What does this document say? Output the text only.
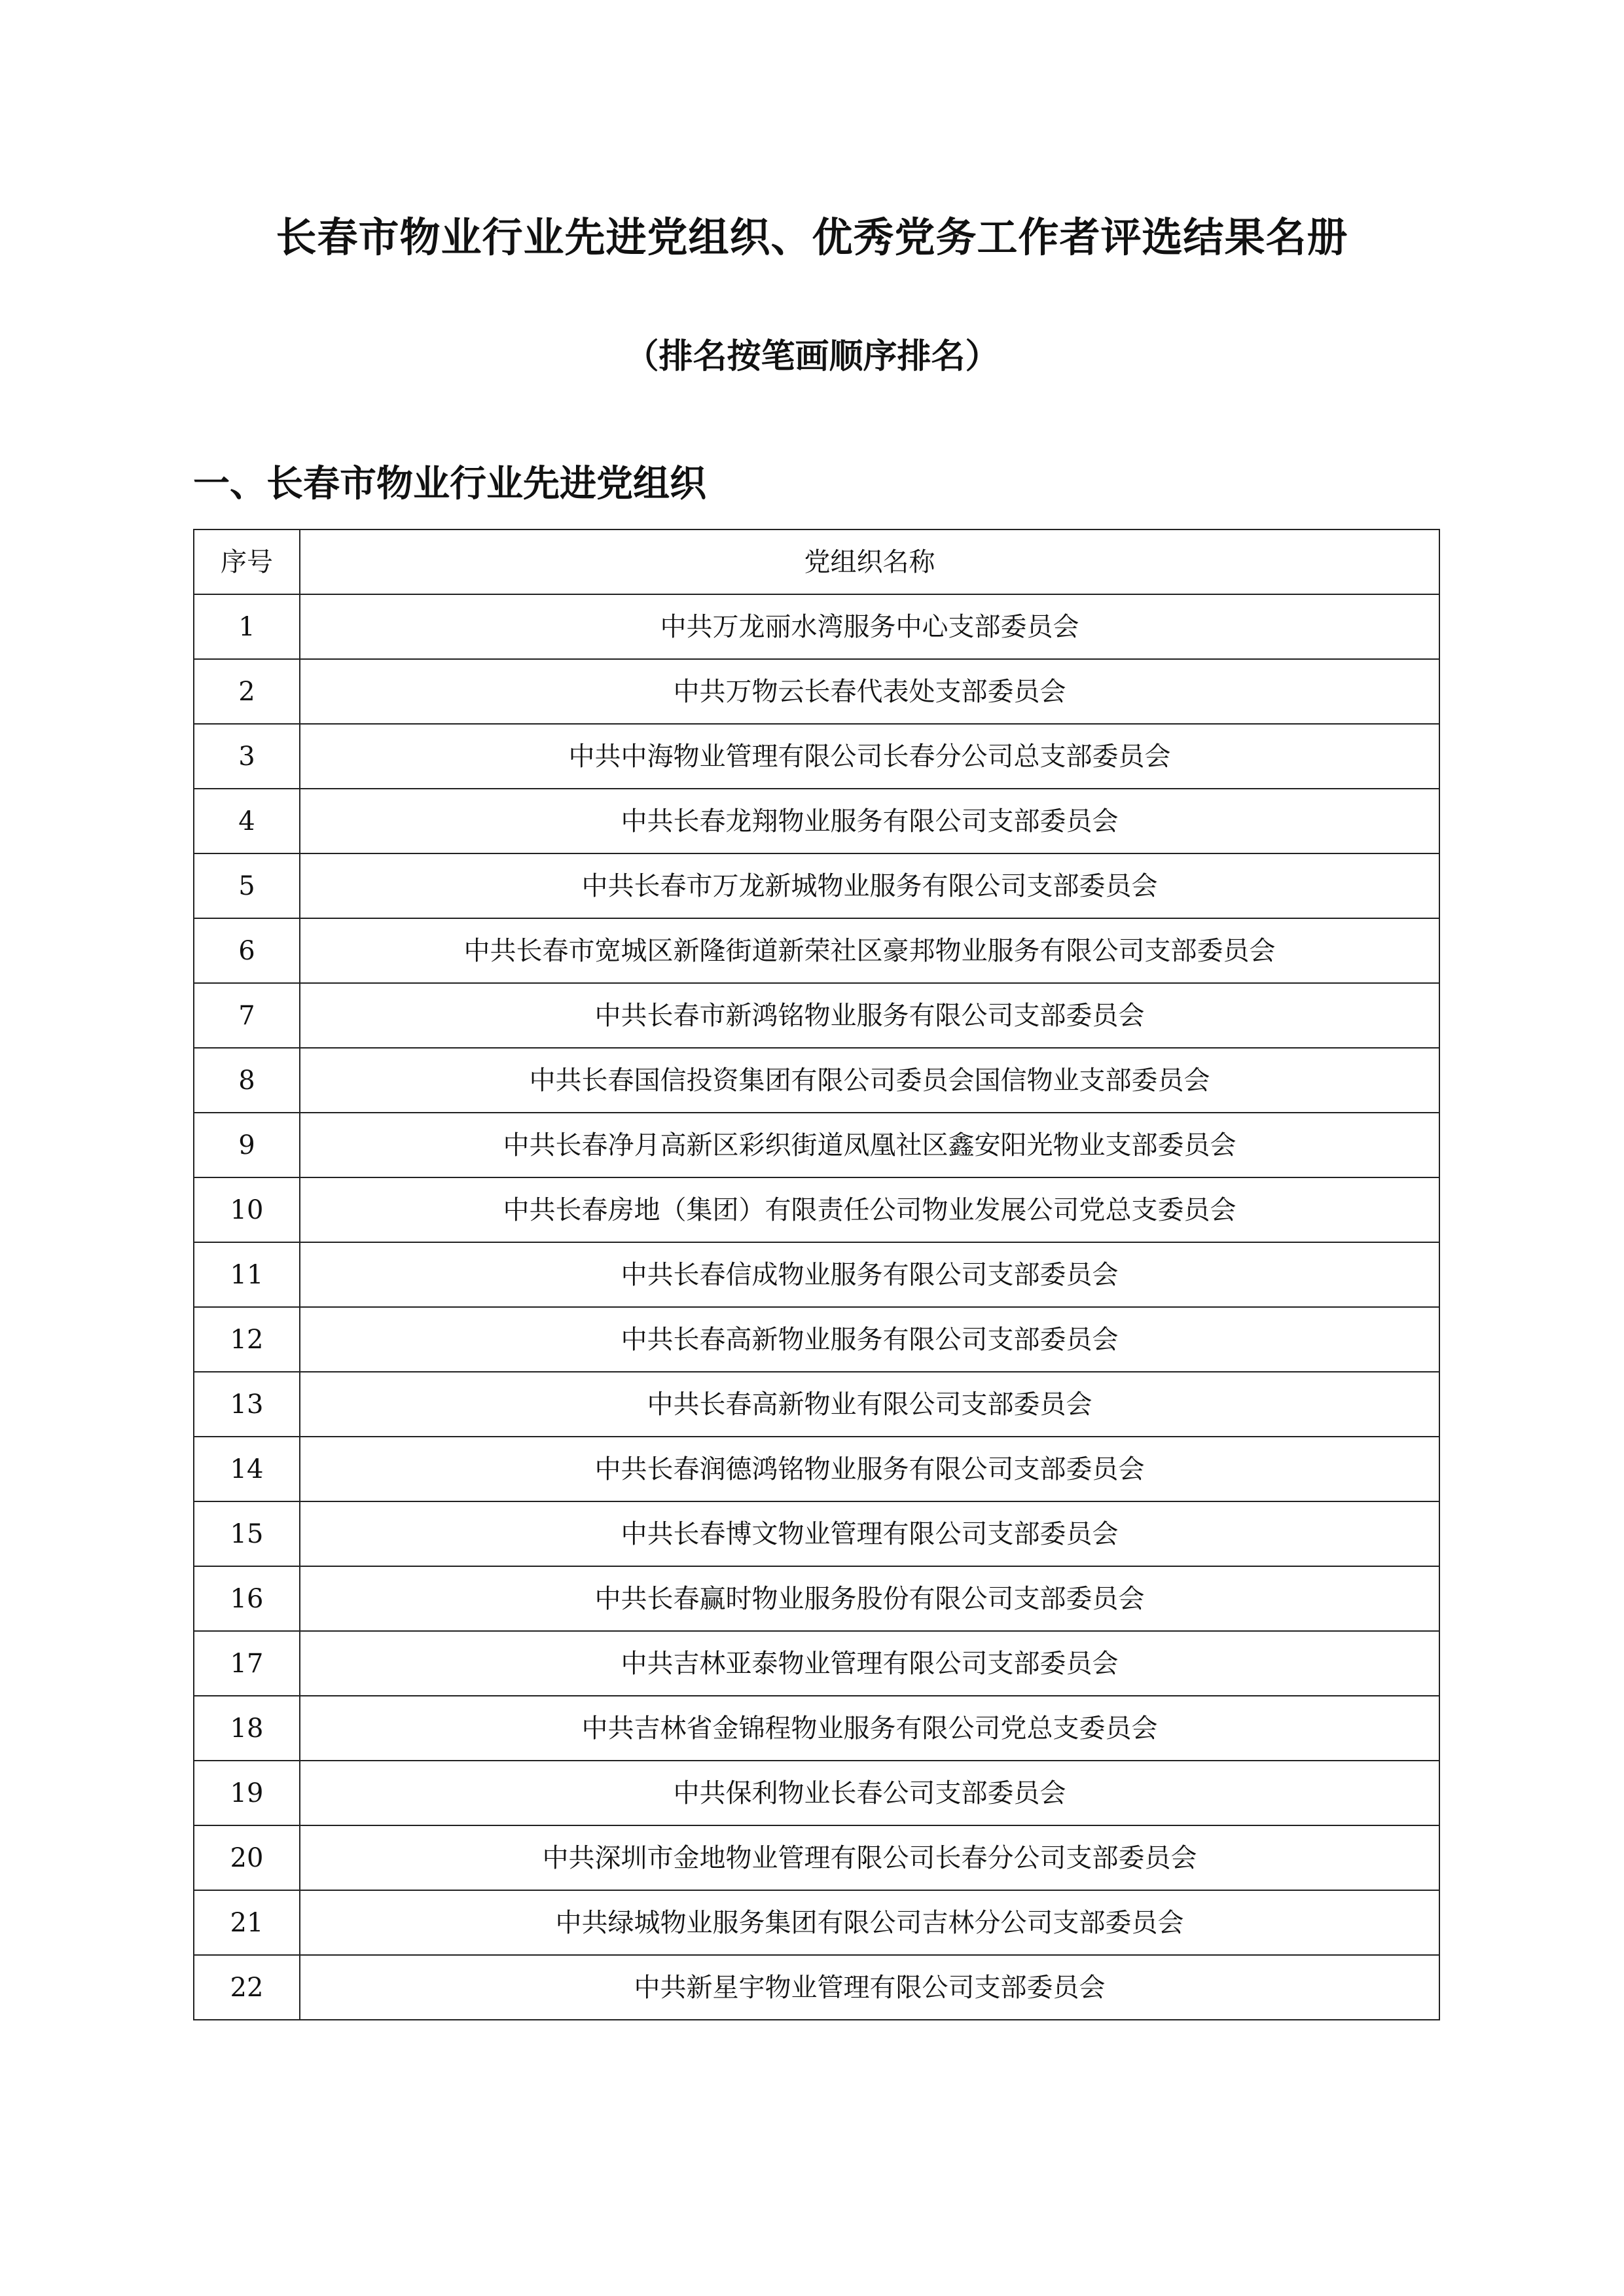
长春市物业行业先进党组织、优秀党务工作者评选结果名册
（排名按笔画顺序排名）
一、长春市物业行业先进党组织
序号	党组织名称
1	中共万龙丽水湾服务中心支部委员会
2	中共万物云长春代表处支部委员会
3	中共中海物业管理有限公司长春分公司总支部委员会
4	中共长春龙翔物业服务有限公司支部委员会
5	中共长春市万龙新城物业服务有限公司支部委员会
6	中共长春市宽城区新隆街道新荣社区豪邦物业服务有限公司支部委员会
7	中共长春市新鸿铭物业服务有限公司支部委员会
8	中共长春国信投资集团有限公司委员会国信物业支部委员会
9	中共长春净月高新区彩织街道凤凰社区鑫安阳光物业支部委员会
10	中共长春房地（集团）有限责任公司物业发展公司党总支委员会
11	中共长春信成物业服务有限公司支部委员会
12	中共长春高新物业服务有限公司支部委员会
13	中共长春高新物业有限公司支部委员会
14	中共长春润德鸿铭物业服务有限公司支部委员会
15	中共长春博文物业管理有限公司支部委员会
16	中共长春赢时物业服务股份有限公司支部委员会
17	中共吉林亚泰物业管理有限公司支部委员会
18	中共吉林省金锦程物业服务有限公司党总支委员会
19	中共保利物业长春公司支部委员会
20	中共深圳市金地物业管理有限公司长春分公司支部委员会
21	中共绿城物业服务集团有限公司吉林分公司支部委员会
22	中共新星宇物业管理有限公司支部委员会
